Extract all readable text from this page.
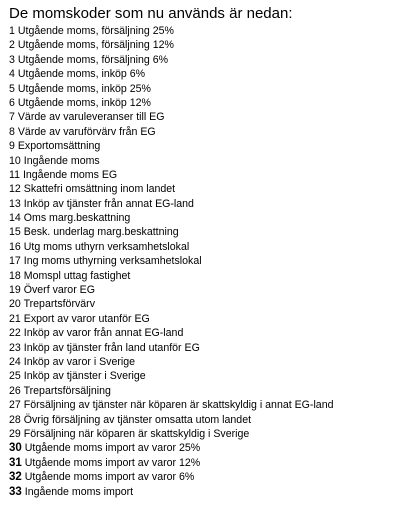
De momskoder som nu används är nedan:
1 Utgående moms, försäljning 25%
2 Utgående moms, försäljning 12%
3 Utgående moms, försäljning 6%
4 Utgående moms, inköp 6%
5 Utgående moms, inköp 25%
6 Utgående moms, inköp 12%
7 Värde av varuleveranser till EG
8 Värde av varuförvärv från EG
9 Exportomsättning
10 Ingående moms
11 Ingående moms EG
12 Skattefri omsättning inom landet
13 Inköp av tjänster från annat EG-land
14 Oms marg.beskattning
15 Besk. underlag marg.beskattning
16 Utg moms uthyrn verksamhetslokal
17 Ing moms uthyrning verksamhetslokal
18 Momspl uttag fastighet
19 Överf varor EG
20 Trepartsförvärv
21 Export av varor utanför EG
22 Inköp av varor från annat EG-land
23 Inköp av tjänster från land utanför EG
24 Inköp av varor i Sverige
25 Inköp av tjänster i Sverige
26 Trepartsförsäljning
27 Försäljning av tjänster när köparen är skattskyldig i annat EG-land
28 Övrig försäljning av tjänster omsatta utom landet
29 Försäljning när köparen är skattskyldig i Sverige
30 Utgående moms import av varor 25%
31 Utgående moms import av varor 12%
32 Utgående moms import av varor 6%
33 Ingående moms import
